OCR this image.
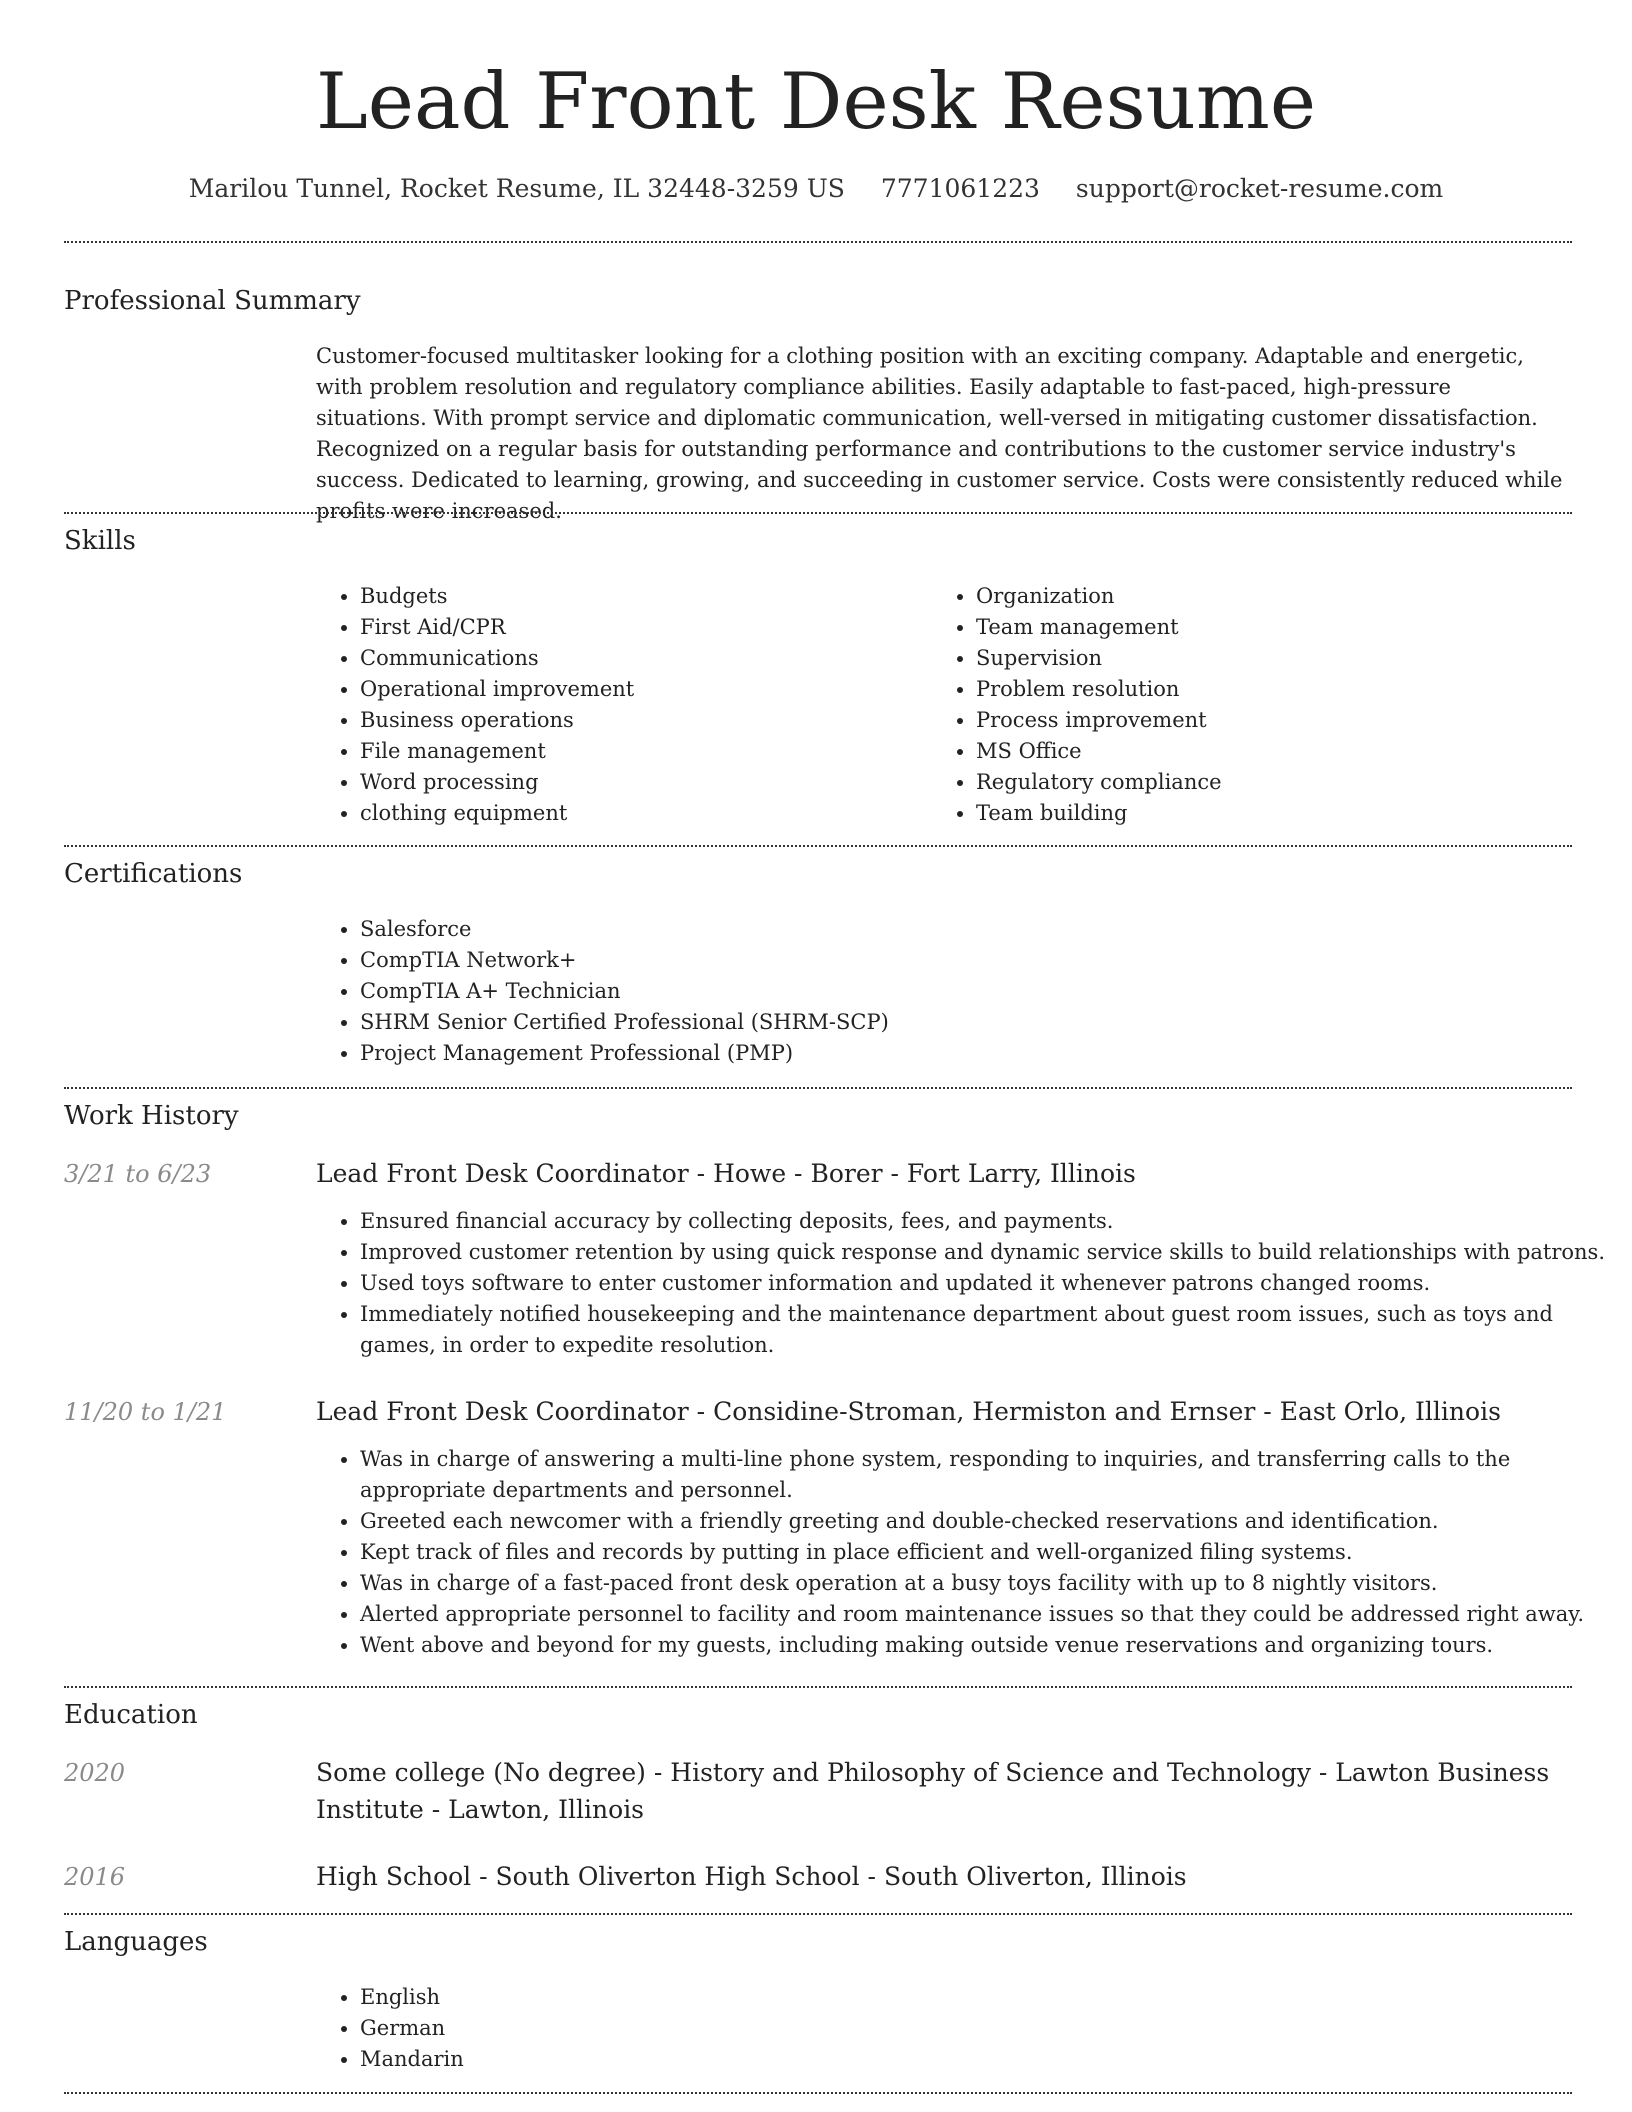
Lead Front Desk Resume
Marilou Tunnel, Rocket Resume, IL 32448-3259 US 7771061223 support@rocket-resume.com
Professional Summary

Customer-focused multitasker looking for a clothing position with an exciting company. Adaptable and energetic, with problem resolution and regulatory compliance abilities. Easily adaptable to fast-paced, high-pressure situations. With prompt service and diplomatic communication, well-versed in mitigating customer dissatisfaction. Recognized on a regular basis for outstanding performance and contributions to the customer service industry's success. Dedicated to learning, growing, and succeeding in customer service. Costs were consistently reduced while profits were increased.

Skills
• Budgets
• First Aid/CPR
• Communications
• Operational improvement
• Business operations
• File management
• Word processing
• clothing equipment
• Organization
• Team management
• Supervision
• Problem resolution
• Process improvement
• MS Office
• Regulatory compliance
• Team building
Certifications
• Salesforce
• CompTIA Network+
• CompTIA A+ Technician
• SHRM Senior Certified Professional (SHRM-SCP)
• Project Management Professional (PMP)
Work History
3/21 to 6/23	Lead Front Desk Coordinator - Howe - Borer - Fort Larry, Illinois
• Ensured financial accuracy by collecting deposits, fees, and payments.
• Improved customer retention by using quick response and dynamic service skills to build relationships with patrons.
• Used toys software to enter customer information and updated it whenever patrons changed rooms.
• Immediately notified housekeeping and the maintenance department about guest room issues, such as toys and games, in order to expedite resolution.
11/20 to 1/21	Lead Front Desk Coordinator - Considine-Stroman, Hermiston and Ernser - East Orlo, Illinois
• Was in charge of answering a multi-line phone system, responding to inquiries, and transferring calls to the appropriate departments and personnel.
• Greeted each newcomer with a friendly greeting and double-checked reservations and identification.
• Kept track of files and records by putting in place efficient and well-organized filing systems.
• Was in charge of a fast-paced front desk operation at a busy toys facility with up to 8 nightly visitors.
• Alerted appropriate personnel to facility and room maintenance issues so that they could be addressed right away.
• Went above and beyond for my guests, including making outside venue reservations and organizing tours.
Education
2020	Some college (No degree) - History and Philosophy of Science and Technology - Lawton Business Institute - Lawton, Illinois
2016	High School - South Oliverton High School - South Oliverton, Illinois
Languages
• English
• German
• Mandarin
